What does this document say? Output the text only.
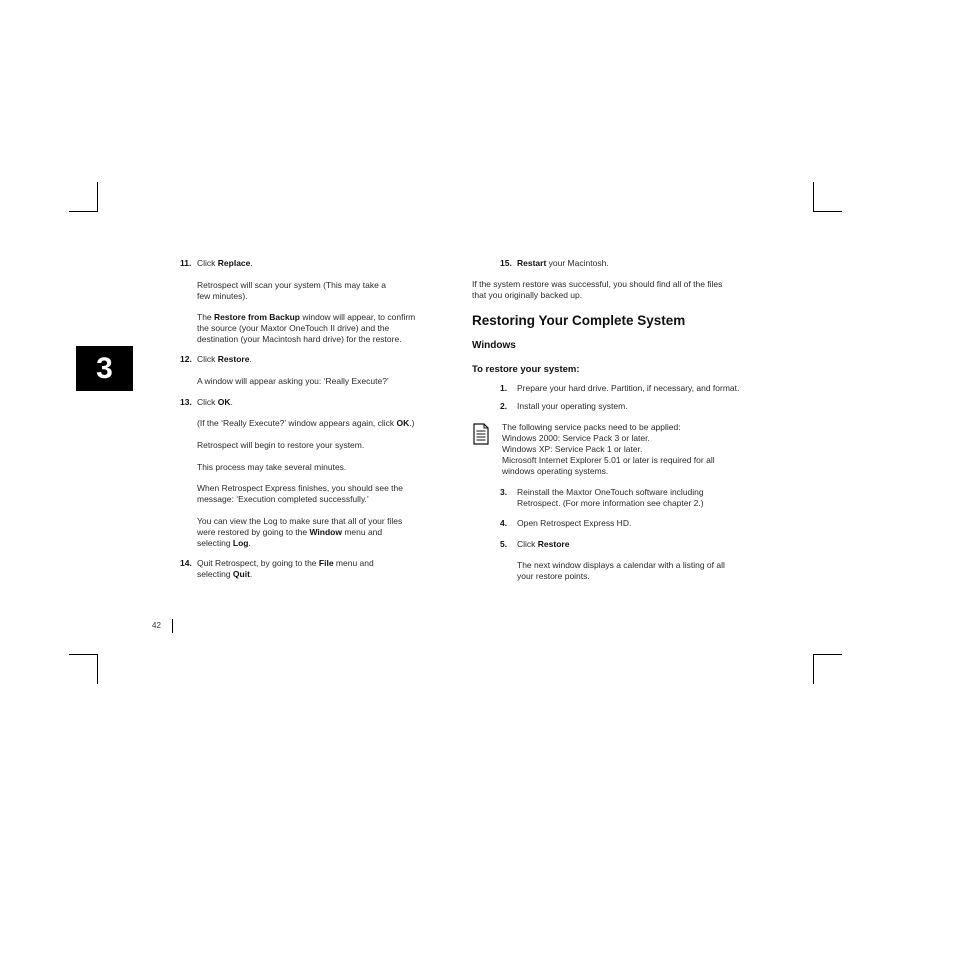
3
11. Click Replace.
Retrospect will scan your system (This may take a
few minutes).
The Restore from Backup window will appear, to confirm
the source (your Maxtor OneTouch II drive) and the
destination (your Macintosh hard drive) for the restore.
12. Click Restore.
A window will appear asking you: ‘Really Execute?’
13. Click OK.
(If the ‘Really Execute?’ window appears again, click OK.)
Retrospect will begin to restore your system.
This process may take several minutes.
When Retrospect Express finishes, you should see the
message: ‘Execution completed successfully.’
You can view the Log to make sure that all of your files
were restored by going to the Window menu and
selecting Log.
14. Quit Retrospect, by going to the File menu and
selecting Quit.
15. Restart your Macintosh.
If the system restore was successful, you should find all of the files
that you originally backed up.
Restoring Your Complete System
Windows
To restore your system:
1. Prepare your hard drive. Partition, if necessary, and format.
2. Install your operating system.
The following service packs need to be applied:
Windows 2000: Service Pack 3 or later.
Windows XP: Service Pack 1 or later.
Microsoft Internet Explorer 5.01 or later is required for all
windows operating systems.
3. Reinstall the Maxtor OneTouch software including
Retrospect. (For more information see chapter 2.)
4. Open Retrospect Express HD.
5. Click Restore
The next window displays a calendar with a listing of all
your restore points.
42
